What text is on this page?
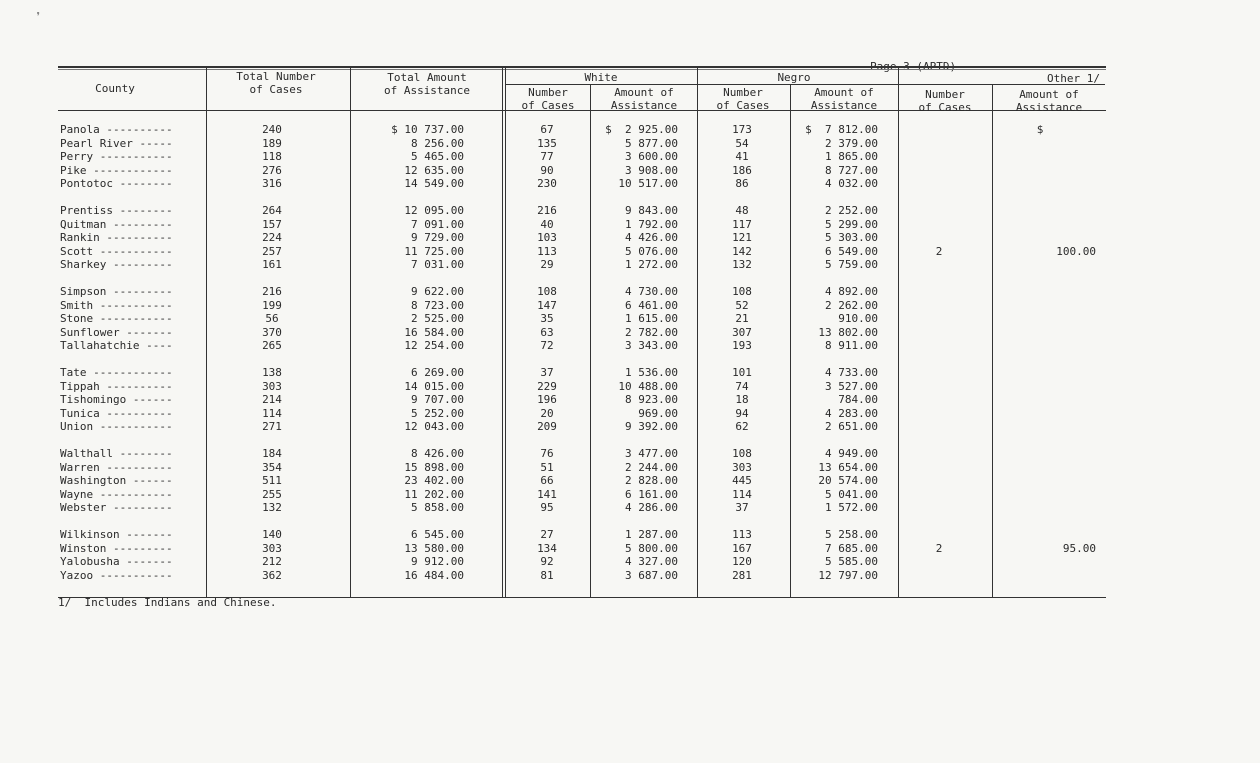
❜
County
Total Number
of Cases
Total Amount
of Assistance
White	Negro	Other 1/
Number
of Cases
Amount of
Assistance
Number
of Cases
Amount of
Assistance
Number
of Cases
Amount of
Assistance
Panola ----------	240	$ 10 737.00	67	$  2 925.00	173	$  7 812.00	$
Pearl River -----	189	8 256.00	135	5 877.00	54	2 379.00
Perry -----------	118	5 465.00	77	3 600.00	41	1 865.00
Pike ------------	276	12 635.00	90	3 908.00	186	8 727.00
Pontotoc --------	316	14 549.00	230	10 517.00	86	4 032.00
Prentiss --------	264	12 095.00	216	9 843.00	48	2 252.00
Quitman ---------	157	7 091.00	40	1 792.00	117	5 299.00
Rankin ----------	224	9 729.00	103	4 426.00	121	5 303.00
Scott -----------	257	11 725.00	113	5 076.00	142	6 549.00	2	100.00
Sharkey ---------	161	7 031.00	29	1 272.00	132	5 759.00
Simpson ---------	216	9 622.00	108	4 730.00	108	4 892.00
Smith -----------	199	8 723.00	147	6 461.00	52	2 262.00
Stone -----------	56	2 525.00	35	1 615.00	21	910.00
Sunflower -------	370	16 584.00	63	2 782.00	307	13 802.00
Tallahatchie ----	265	12 254.00	72	3 343.00	193	8 911.00
Tate ------------	138	6 269.00	37	1 536.00	101	4 733.00
Tippah ----------	303	14 015.00	229	10 488.00	74	3 527.00
Tishomingo ------	214	9 707.00	196	8 923.00	18	784.00
Tunica ----------	114	5 252.00	20	969.00	94	4 283.00
Union -----------	271	12 043.00	209	9 392.00	62	2 651.00
Walthall --------	184	8 426.00	76	3 477.00	108	4 949.00
Warren ----------	354	15 898.00	51	2 244.00	303	13 654.00
Washington ------	511	23 402.00	66	2 828.00	445	20 574.00
Wayne -----------	255	11 202.00	141	6 161.00	114	5 041.00
Webster ---------	132	5 858.00	95	4 286.00	37	1 572.00
Wilkinson -------	140	6 545.00	27	1 287.00	113	5 258.00
Winston ---------	303	13 580.00	134	5 800.00	167	7 685.00	2	95.00
Yalobusha -------	212	9 912.00	92	4 327.00	120	5 585.00
Yazoo -----------	362	16 484.00	81	3 687.00	281	12 797.00
1/  Includes Indians and Chinese.
